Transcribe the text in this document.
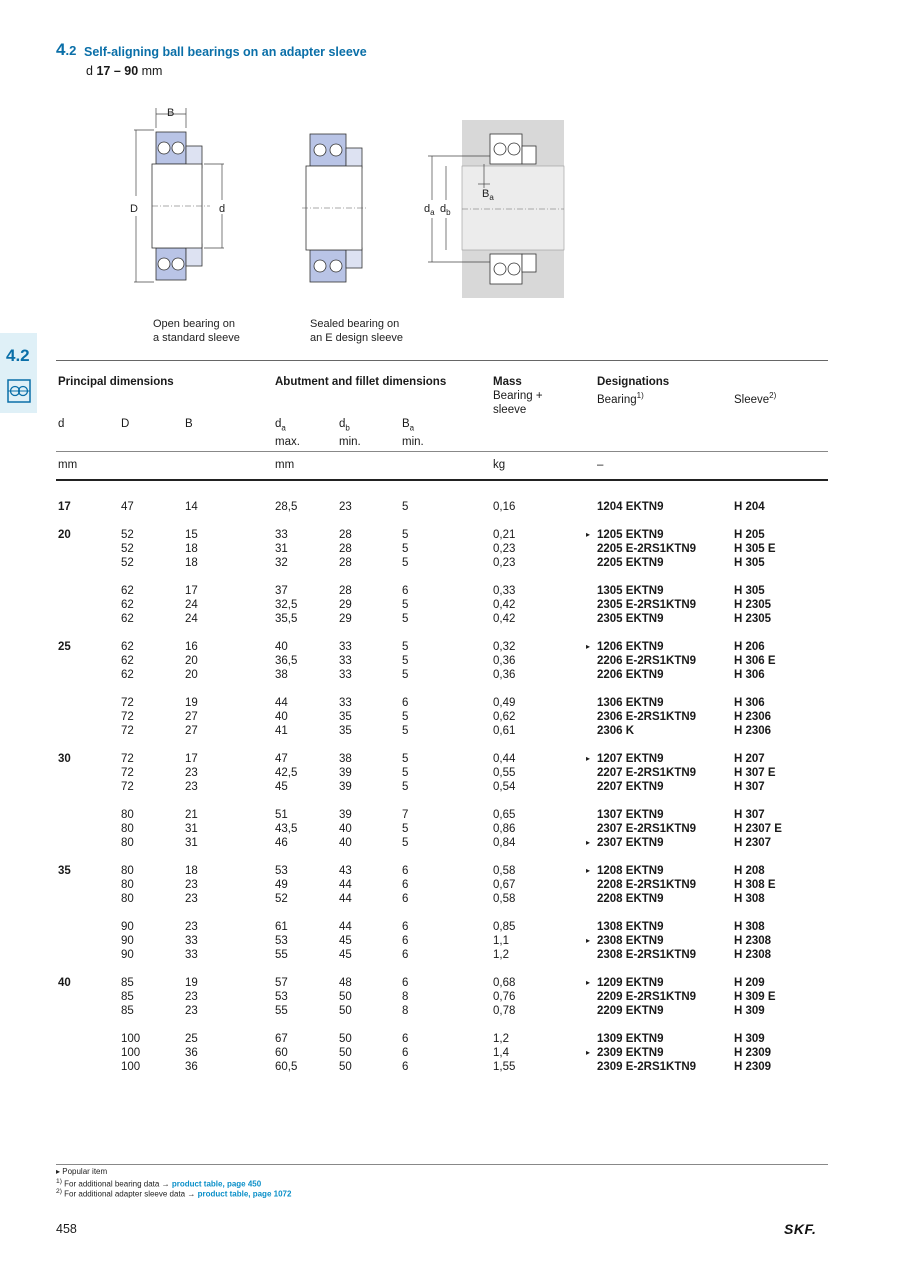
4.2 Self-aligning ball bearings on an adapter sleeve
d 17 – 90 mm
4.2
B
D	d
$B_a$
$d_a$ $d_b$
Open bearing on
a standard sleeve
Sealed bearing on
an E design sleeve
Principal dimensions	Abutment and fillet dimensions	Mass
Bearing +
sleeve
Designations
Bearing$^{1)}$	Sleeve$^{2)}$
d	D	B	$d_a$
max.
$d_b$
min.
$B_a$
min.
mm	mm	kg	–
17	47	14	28,5	23	5	0,16	1204 EKTN9	H 204
20	52	15	33	28	5	0,21	1205 EKTN9	H 205
▸
52	18	31	28	5	0,23	2205 E-2RS1KTN9	H 305 E
52	18	32	28	5	0,23	2205 EKTN9	H 305
62	17	37	28	6	0,33	1305 EKTN9	H 305
62	24	32,5	29	5	0,42	2305 E-2RS1KTN9	H 2305
62	24	35,5	29	5	0,42	2305 EKTN9	H 2305
25	62	16	40	33	5	0,32	1206 EKTN9	H 206
▸
62	20	36,5	33	5	0,36	2206 E-2RS1KTN9	H 306 E
62	20	38	33	5	0,36	2206 EKTN9	H 306
72	19	44	33	6	0,49	1306 EKTN9	H 306
72	27	40	35	5	0,62	2306 E-2RS1KTN9	H 2306
72	27	41	35	5	0,61	2306 K	H 2306
30	72	17	47	38	5	0,44	1207 EKTN9	H 207
▸
72	23	42,5	39	5	0,55	2207 E-2RS1KTN9	H 307 E
72	23	45	39	5	0,54	2207 EKTN9	H 307
80	21	51	39	7	0,65	1307 EKTN9	H 307
80	31	43,5	40	5	0,86	2307 E-2RS1KTN9	H 2307 E
80	31	46	40	5	0,84	2307 EKTN9	H 2307
▸
35	80	18	53	43	6	0,58	1208 EKTN9	H 208
▸
80	23	49	44	6	0,67	2208 E-2RS1KTN9	H 308 E
80	23	52	44	6	0,58	2208 EKTN9	H 308
90	23	61	44	6	0,85	1308 EKTN9	H 308
90	33	53	45	6	1,1	2308 EKTN9	H 2308
▸
90	33	55	45	6	1,2	2308 E-2RS1KTN9	H 2308
40	85	19	57	48	6	0,68	1209 EKTN9	H 209
▸
85	23	53	50	8	0,76	2209 E-2RS1KTN9	H 309 E
85	23	55	50	8	0,78	2209 EKTN9	H 309
100	25	67	50	6	1,2	1309 EKTN9	H 309
100	36	60	50	6	1,4	2309 EKTN9	H 2309
▸
100	36	60,5	50	6	1,55	2309 E-2RS1KTN9	H 2309
▸ Popular item
$^{1)}$ For additional bearing data → product table, page 450
$^{2)}$ For additional adapter sleeve data → product table, page 1072
458	SKF.
